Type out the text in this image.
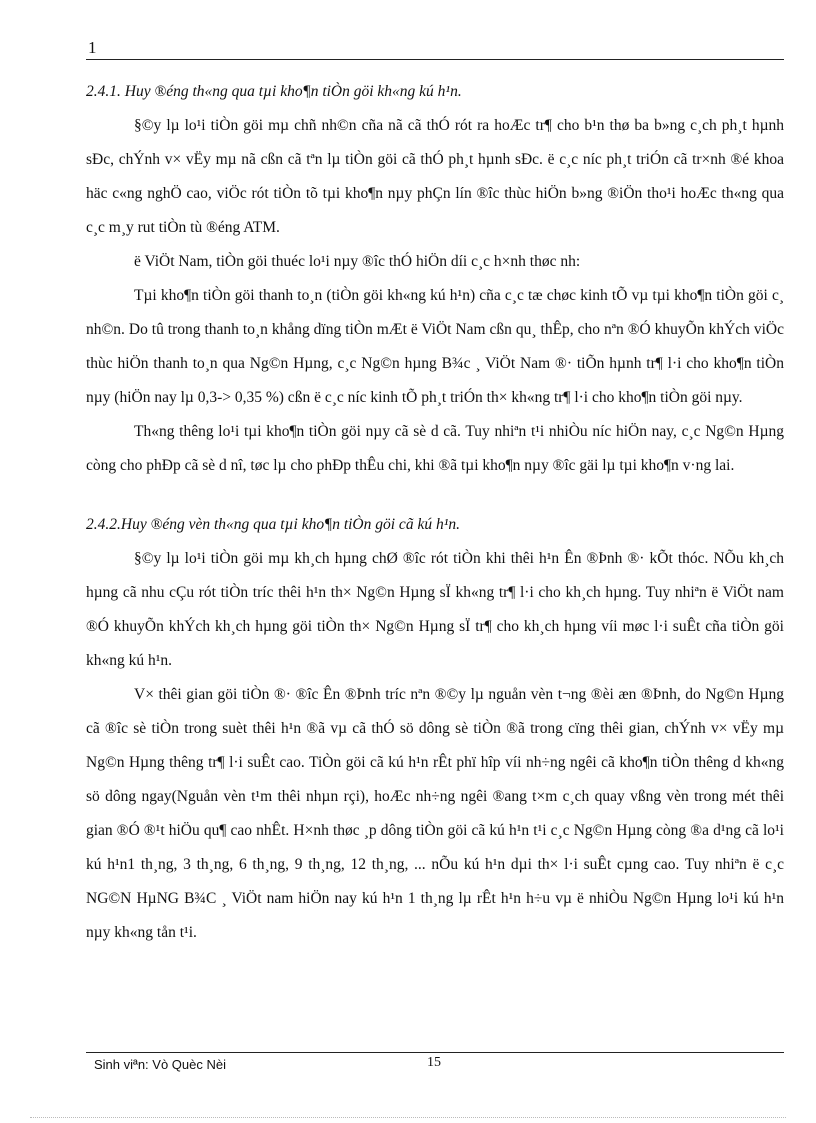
1

2.4.1. Huy ®éng th«ng qua tµi kho¶n tiÒn göi kh«ng kú h¹n.

§©y lµ lo¹i tiÒn göi mµ chñ nh©n cña nã cã thÓ rót ra hoÆc tr¶ cho b¹n thø ba b»ng c¸ch ph¸t hµnh sÐc, chÝnh v× vËy mµ nã cßn cã tªn lµ tiÒn göi cã thÓ ph¸t hµnh sÐc. ë c¸c níc ph¸t triÓn cã tr×nh ®é khoa häc c«ng nghÖ cao, viÖc rót tiÒn tõ tµi kho¶n nµy phÇn lín ®îc thùc hiÖn b»ng ®iÖn tho¹i hoÆc th«ng qua c¸c m¸y rut tiÒn tù ®éng ATM.

ë ViÖt Nam, tiÒn göi thuéc lo¹i nµy ®îc thÓ hiÖn díi c¸c h×nh thøc nh:

Tµi kho¶n tiÒn göi thanh to¸n (tiÒn göi kh«ng kú h¹n) cña c¸c tæ chøc kinh tÕ vµ tµi kho¶n tiÒn göi c¸ nh©n. Do tû trong thanh to¸n khång dïng tiÒn mÆt ë ViÖt Nam cßn qu¸ thÊp, cho nªn ®Ó khuyÕn khÝch viÖc thùc hiÖn thanh to¸n qua Ng©n Hµng, c¸c Ng©n hµng B¾c ¸ ViÖt Nam ®· tiÕn hµnh tr¶ l·i cho kho¶n tiÒn nµy (hiÖn nay lµ 0,3-> 0,35 %) cßn ë c¸c níc kinh tÕ ph¸t triÓn th× kh«ng tr¶ l·i cho kho¶n tiÒn göi nµy.

Th«ng thêng lo¹i tµi kho¶n tiÒn göi nµy cã sè d cã. Tuy nhiªn t¹i nhiÒu níc hiÖn nay, c¸c Ng©n Hµng còng cho phÐp cã sè d nî, tøc lµ cho phÐp thÊu chi, khi ®ã tµi kho¶n nµy ®îc gäi lµ tµi kho¶n v·ng lai.

2.4.2.Huy ®éng vèn th«ng qua tµi kho¶n tiÒn göi cã kú h¹n.

§©y lµ lo¹i tiÒn göi mµ kh¸ch hµng chØ ®îc rót tiÒn khi thêi h¹n Ên ®Þnh ®· kÕt thóc. NÕu kh¸ch hµng cã nhu cÇu rót tiÒn tríc thêi h¹n th× Ng©n Hµng sÏ kh«ng tr¶ l·i cho kh¸ch hµng. Tuy nhiªn ë ViÖt nam ®Ó khuyÕn khÝch kh¸ch hµng göi tiÒn th× Ng©n Hµng sÏ tr¶ cho kh¸ch hµng víi møc l·i suÊt cña tiÒn göi kh«ng kú h¹n.

V× thêi gian göi tiÒn ®· ®îc Ên ®Þnh tríc nªn ®©y lµ nguån vèn t¬ng ®èi æn ®Þnh, do Ng©n Hµng cã ®îc sè tiÒn trong suèt thêi h¹n ®ã vµ cã thÓ sö dông sè tiÒn ®ã trong cïng thêi gian, chÝnh v× vËy mµ Ng©n Hµng thêng tr¶ l·i suÊt cao. TiÒn göi cã kú h¹n rÊt phï hîp víi nh÷ng ngêi cã kho¶n tiÒn thêng d kh«ng sö dông ngay(Nguån vèn t¹m thêi nhµn rçi), hoÆc nh÷ng ngêi ®ang t×m c¸ch quay vßng vèn trong mét thêi gian ®Ó ®¹t hiÖu qu¶ cao nhÊt. H×nh thøc ¸p dông tiÒn göi cã kú h¹n t¹i c¸c Ng©n Hµng còng ®a d¹ng cã lo¹i kú h¹n1 th¸ng, 3 th¸ng, 6 th¸ng, 9 th¸ng, 12 th¸ng, ... nÕu kú h¹n dµi th× l·i suÊt cµng cao. Tuy nhiªn ë c¸c NG©N HµNG B¾C ¸ ViÖt nam hiÖn nay kú h¹n 1 th¸ng lµ rÊt h¹n h÷u vµ ë nhiÒu Ng©n Hµng lo¹i kú h¹n nµy kh«ng tån t¹i.

Sinh viªn: Vò Quèc Nèi	15
